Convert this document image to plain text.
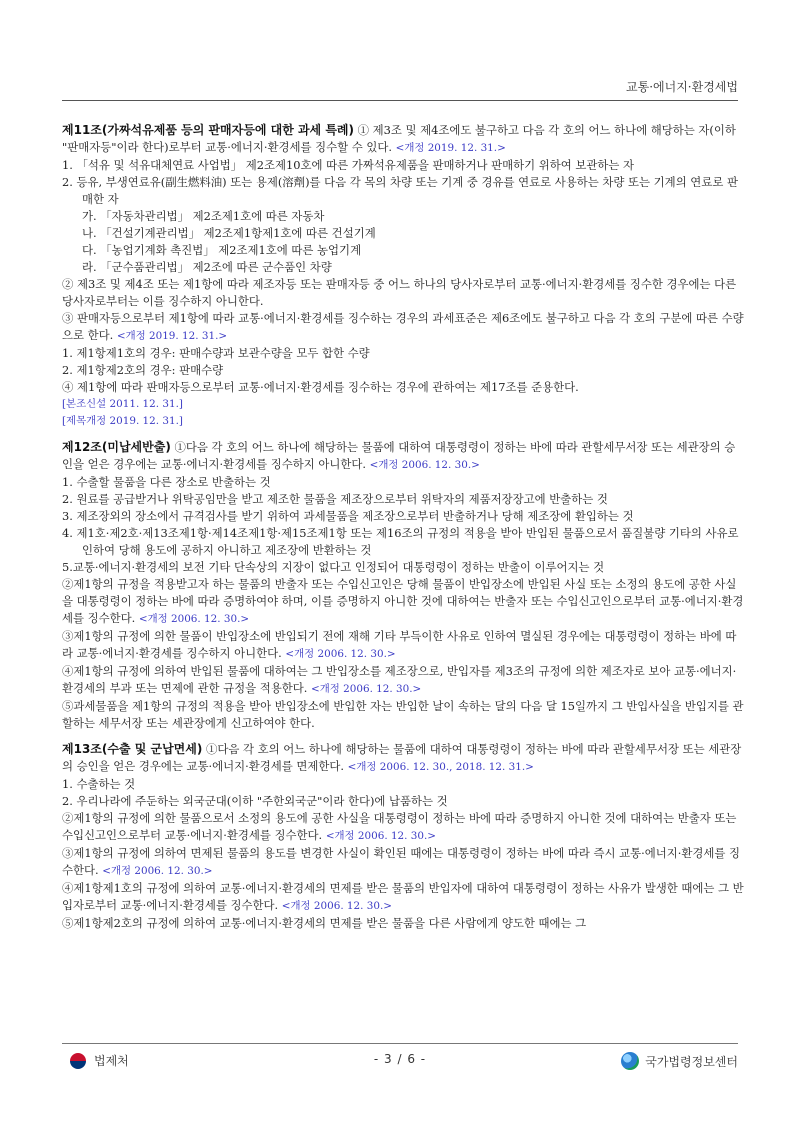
교통·에너지·환경세법

제11조(가짜석유제품 등의 판매자등에 대한 과세 특례) ① 제3조 및 제4조에도 불구하고 다음 각 호의 어느 하나에 해당하는 자(이하 "판매자등"이라 한다)로부터 교통·에너지·환경세를 징수할 수 있다. <개정 2019. 12. 31.>

1. 「석유 및 석유대체연료 사업법」 제2조제10호에 따른 가짜석유제품을 판매하거나 판매하기 위하여 보관하는 자

2. 등유, 부생연료유(副生燃料油) 또는 용제(溶劑)를 다음 각 목의 차량 또는 기계 중 경유를 연료로 사용하는 차량 또는 기계의 연료로 판매한 자

가. 「자동차관리법」 제2조제1호에 따른 자동차

나. 「건설기계관리법」 제2조제1항제1호에 따른 건설기계

다. 「농업기계화 촉진법」 제2조제1호에 따른 농업기계

라. 「군수품관리법」 제2조에 따른 군수품인 차량

② 제3조 및 제4조 또는 제1항에 따라 제조자등 또는 판매자등 중 어느 하나의 당사자로부터 교통·에너지·환경세를 징수한 경우에는 다른 당사자로부터는 이를 징수하지 아니한다.

③ 판매자등으로부터 제1항에 따라 교통·에너지·환경세를 징수하는 경우의 과세표준은 제6조에도 불구하고 다음 각 호의 구분에 따른 수량으로 한다. <개정 2019. 12. 31.>

1. 제1항제1호의 경우: 판매수량과 보관수량을 모두 합한 수량

2. 제1항제2호의 경우: 판매수량

④ 제1항에 따라 판매자등으로부터 교통·에너지·환경세를 징수하는 경우에 관하여는 제17조를 준용한다.

[본조신설 2011. 12. 31.]

[제목개정 2019. 12. 31.]

제12조(미납세반출) ①다음 각 호의 어느 하나에 해당하는 물품에 대하여 대통령령이 정하는 바에 따라 관할세무서장 또는 세관장의 승인을 얻은 경우에는 교통·에너지·환경세를 징수하지 아니한다. <개정 2006. 12. 30.>

1. 수출할 물품을 다른 장소로 반출하는 것

2. 원료를 공급받거나 위탁공임만을 받고 제조한 물품을 제조장으로부터 위탁자의 제품저장장고에 반출하는 것

3. 제조장외의 장소에서 규격검사를 받기 위하여 과세물품을 제조장으로부터 반출하거나 당해 제조장에 환입하는 것

4. 제1호·제2호·제13조제1항·제14조제1항·제15조제1항 또는 제16조의 규정의 적용을 받아 반입된 물품으로서 품질불량 기타의 사유로 인하여 당해 용도에 공하지 아니하고 제조장에 반환하는 것

5.교통·에너지·환경세의 보전 기타 단속상의 지장이 없다고 인정되어 대통령령이 정하는 반출이 이루어지는 것

②제1항의 규정을 적용받고자 하는 물품의 반출자 또는 수입신고인은 당해 물품이 반입장소에 반입된 사실 또는 소정의 용도에 공한 사실을 대통령령이 정하는 바에 따라 증명하여야 하며, 이를 증명하지 아니한 것에 대하여는 반출자 또는 수입신고인으로부터 교통·에너지·환경세를 징수한다. <개정 2006. 12. 30.>

③제1항의 규정에 의한 물품이 반입장소에 반입되기 전에 재해 기타 부득이한 사유로 인하여 멸실된 경우에는 대통령령이 정하는 바에 따라 교통·에너지·환경세를 징수하지 아니한다. <개정 2006. 12. 30.>

④제1항의 규정에 의하여 반입된 물품에 대하여는 그 반입장소를 제조장으로, 반입자를 제3조의 규정에 의한 제조자로 보아 교통·에너지·환경세의 부과 또는 면제에 관한 규정을 적용한다. <개정 2006. 12. 30.>

⑤과세물품을 제1항의 규정의 적용을 받아 반입장소에 반입한 자는 반입한 날이 속하는 달의 다음 달 15일까지 그 반입사실을 반입지를 관할하는 세무서장 또는 세관장에게 신고하여야 한다.

제13조(수출 및 군납면세) ①다음 각 호의 어느 하나에 해당하는 물품에 대하여 대통령령이 정하는 바에 따라 관할세무서장 또는 세관장의 승인을 얻은 경우에는 교통·에너지·환경세를 면제한다. <개정 2006. 12. 30., 2018. 12. 31.>

1. 수출하는 것

2. 우리나라에 주둔하는 외국군대(이하 "주한외국군"이라 한다)에 납품하는 것

②제1항의 규정에 의한 물품으로서 소정의 용도에 공한 사실을 대통령령이 정하는 바에 따라 증명하지 아니한 것에 대하여는 반출자 또는 수입신고인으로부터 교통·에너지·환경세를 징수한다. <개정 2006. 12. 30.>

③제1항의 규정에 의하여 면제된 물품의 용도를 변경한 사실이 확인된 때에는 대통령령이 정하는 바에 따라 즉시 교통·에너지·환경세를 징수한다. <개정 2006. 12. 30.>

④제1항제1호의 규정에 의하여 교통·에너지·환경세의 면제를 받은 물품의 반입자에 대하여 대통령령이 정하는 사유가 발생한 때에는 그 반입자로부터 교통·에너지·환경세를 징수한다. <개정 2006. 12. 30.>

⑤제1항제2호의 규정에 의하여 교통·에너지·환경세의 면제를 받은 물품을 다른 사람에게 양도한 때에는 그

법제처	- 3 / 6 -	국가법령정보센터
